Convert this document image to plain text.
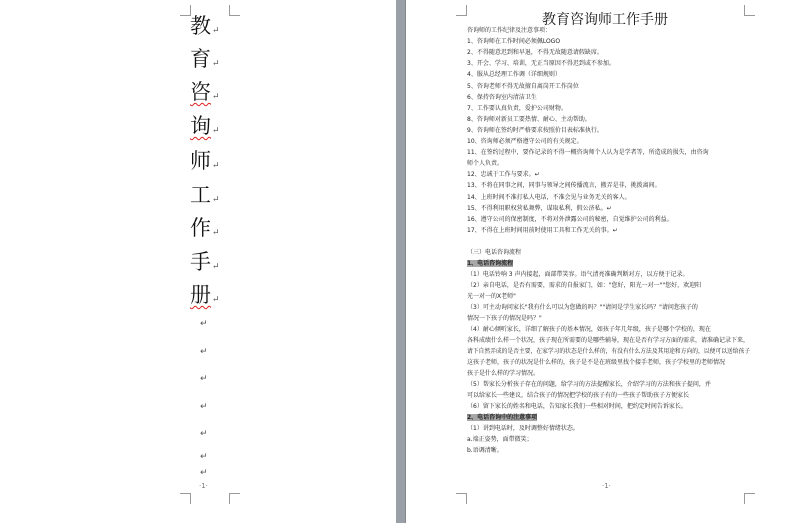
教↵
育↵
咨↵
询↵
师↵
工↵
作↵
手↵
册↵
↵
↵
↵
↵
↵
↵
↵
·1·
教育咨询师工作手册
咨询师的工作纪律及注意事项：
1、咨询师在工作时间必须佩LOGO
2、不得随意迟到和早退，不得无故随意请假缺席。
3、开会、学习、培训，无正当原因不得迟到或不参加。
4、服从总经理工作调（详细规则）
5、咨询老师不得无故擅自离岗开工作岗位
6、保持咨询室内清洁卫生
7、工作要认真负责，爱护公司财物。
8、咨询师对新员工要热情、耐心、主动帮助。
9、咨询师在签约时严格要求按照价目表标准执行。
10、咨询师必须严格遵守公司的有关规定。
11、在签约过程中，要作记录的不得一概咨询师个人认为是学者等，所造成的损失，由咨询
师个人负责。
12、忠诚于工作与要求。↵
13、不将在同事之间，同事与领导之间传播流言，搬弄是非，挑拨离间。
14、上班时间不准打私人电话，不准会见与业务无关的客人。
15、不得利用职权营私舞弊，谋取私利，假公济私。↵
16、遵守公司的保密制度，不将对外泄露公司的秘密，自觉维护公司的利益。
17、不得在上班时间用前时使用工具和工作无关的事。↵
（三）电话咨询流程
1、电话咨询流程
（1）电话铃响 3 声内接起，面部带笑容。语气清亮准确判断对方，以方便于记录。
（2）亲自电话，是否有需要，需求的自报家门，如："您好，阳光一对一""您好，欢迎阳
光一对一的X老师"
（3）可主动询问家长"我有什么可以为您做的吗？""请问是学生家长吗？"请问您孩子的
情况一下孩子的情况是吗？"
（4）耐心倾听家长，详细了解孩子的基本情况，如孩子年几年级，孩子是哪个学校的，现在
各科成绩什么样一个状况，孩子现在所需要的是哪些辅导，现在是否有学习方面的需求，请准确记录下来，
请下自然弄成的是否主要，在家学习的状态是什么样的，有没有什么方法及其用途和方向的，以便可以送给孩子
这孩子老师，孩子的状况是什么样的，孩子是不是在班级里找个接手老师，孩子学校里的老师情况
孩子是什么样的学习情况。
（5）帮家长分析孩子存在的问题，给学习的方法提醒家长，介绍学习的方法和孩子提问，并
可以给家长一些建议，结合孩子的情况把学校的孩子有的一些孩子帮助孩子方便家长
（6）留下家长的姓名和电话，告知家长我们一些相对时间，把约定时间告诉家长。
2、电话咨询中的注意事项
（1）讲到电话时，及时调整好情绪状态。
a.端正姿势，面带微笑；
b.语调清晰。
·1·
